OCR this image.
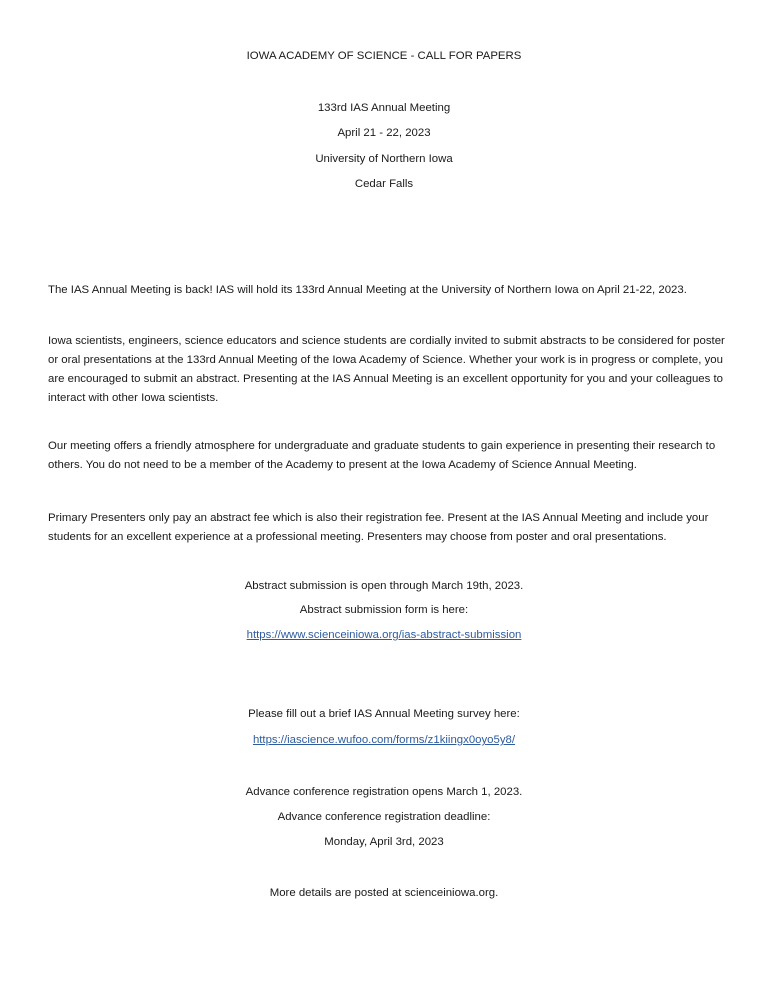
IOWA ACADEMY OF SCIENCE - CALL FOR PAPERS
133rd IAS Annual Meeting
April 21 - 22, 2023
University of Northern Iowa
Cedar Falls
The IAS Annual Meeting is back! IAS will hold its 133rd Annual Meeting at the University of Northern Iowa on April 21-22, 2023.
Iowa scientists, engineers, science educators and science students are cordially invited to submit abstracts to be considered for poster or oral presentations at the 133rd Annual Meeting of the Iowa Academy of Science. Whether your work is in progress or complete, you are encouraged to submit an abstract. Presenting at the IAS Annual Meeting is an excellent opportunity for you and your colleagues to interact with other Iowa scientists.
Our meeting offers a friendly atmosphere for undergraduate and graduate students to gain experience in presenting their research to others. You do not need to be a member of the Academy to present at the Iowa Academy of Science Annual Meeting.
Primary Presenters only pay an abstract fee which is also their registration fee. Present at the IAS Annual Meeting and include your students for an excellent experience at a professional meeting. Presenters may choose from poster and oral presentations.
Abstract submission is open through March 19th, 2023.
Abstract submission form is here:
https://www.scienceiniowa.org/ias-abstract-submission
Please fill out a brief IAS Annual Meeting survey here:
https://iascience.wufoo.com/forms/z1kiingx0oyo5y8/
Advance conference registration opens March 1, 2023.
Advance conference registration deadline:
Monday, April 3rd, 2023
More details are posted at scienceiniowa.org.
